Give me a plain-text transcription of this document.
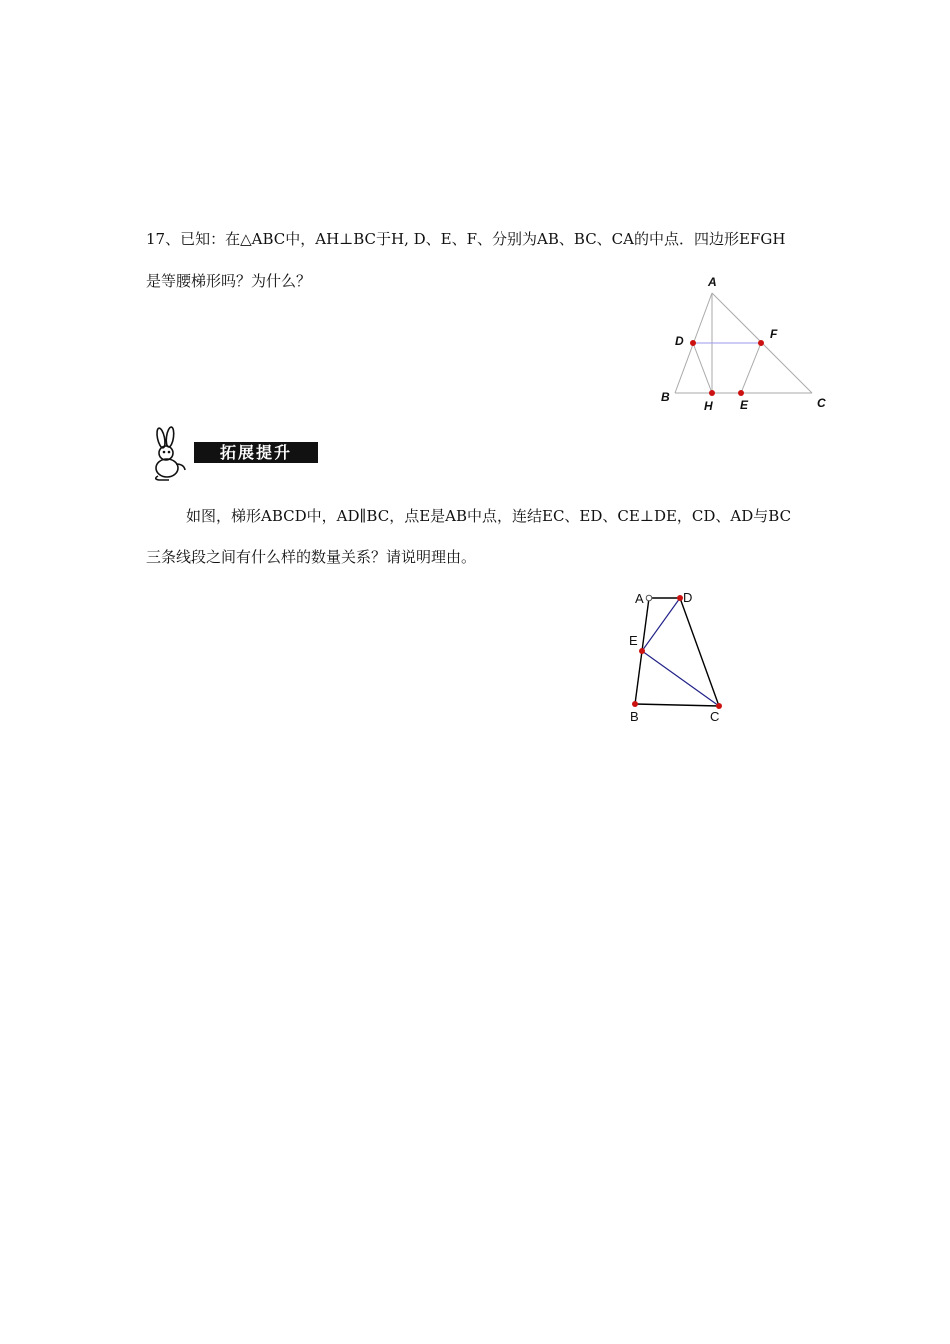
17、已知：在△ABC中，AH⊥BC于H, D、E、F、分别为AB、BC、CA的中点．四边形EFGH
是等腰梯形吗？为什么？	A
D	F
B
H E	C
拓展提升
如图，梯形ABCD中，AD∥BC，点E是AB中点，连结EC、ED、CE⊥DE，CD、AD与BC
三条线段之间有什么样的数量关系？请说明理由。
A	D
E
B	C
